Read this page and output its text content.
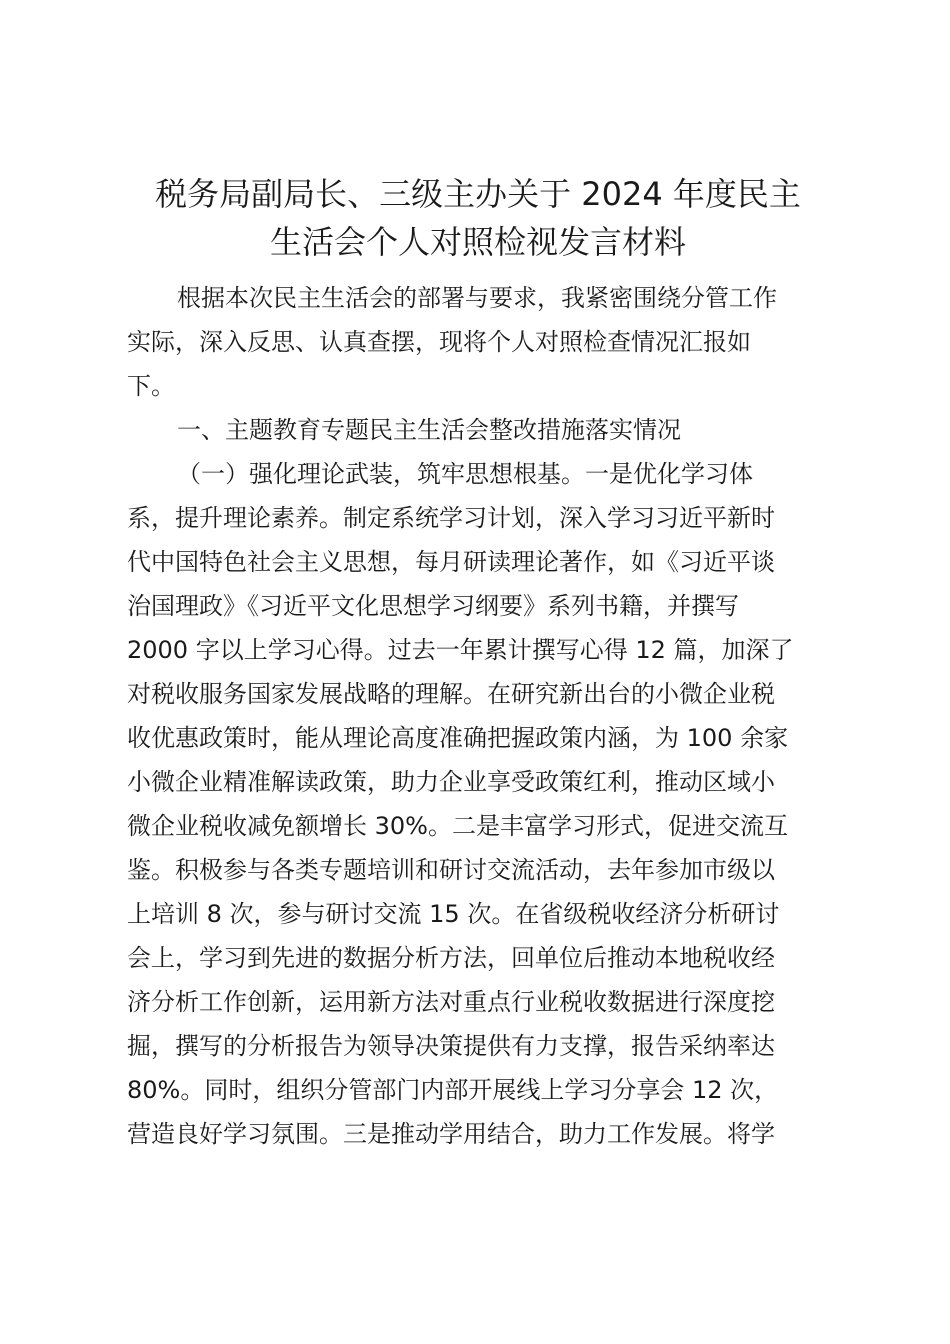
税务局副局长、三级主办关于 2024 年度民主
生活会个人对照检视发言材料
根据本次民主生活会的部署与要求，我紧密围绕分管工作
实际，深入反思、认真查摆，现将个人对照检查情况汇报如
下。
一、主题教育专题民主生活会整改措施落实情况
（一）强化理论武装，筑牢思想根基。一是优化学习体
系，提升理论素养。制定系统学习计划，深入学习习近平新时
代中国特色社会主义思想，每月研读理论著作，如《习近平谈
治国理政》《习近平文化思想学习纲要》系列书籍，并撰写
2000 字以上学习心得。过去一年累计撰写心得 12 篇，加深了
对税收服务国家发展战略的理解。在研究新出台的小微企业税
收优惠政策时，能从理论高度准确把握政策内涵，为 100 余家
小微企业精准解读政策，助力企业享受政策红利，推动区域小
微企业税收减免额增长 30%。二是丰富学习形式，促进交流互
鉴。积极参与各类专题培训和研讨交流活动，去年参加市级以
上培训 8 次，参与研讨交流 15 次。在省级税收经济分析研讨
会上，学习到先进的数据分析方法，回单位后推动本地税收经
济分析工作创新，运用新方法对重点行业税收数据进行深度挖
掘，撰写的分析报告为领导决策提供有力支撑，报告采纳率达
80%。同时，组织分管部门内部开展线上学习分享会 12 次，
营造良好学习氛围。三是推动学用结合，助力工作发展。将学
